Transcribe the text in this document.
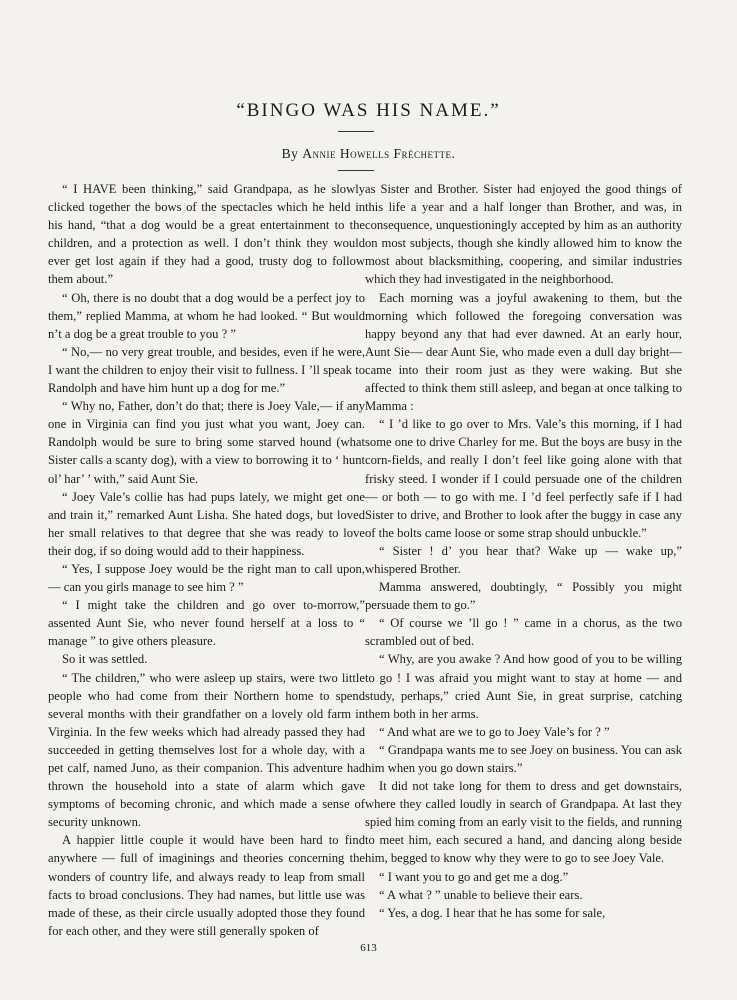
“BINGO WAS HIS NAME.”
By Annie Howells Fréchette.

“ I HAVE been thinking,” said Grandpapa, as he slowly clicked together the bows of the spectacles which he held in his hand, “that a dog would be a great entertainment to the children, and a protection as well. I don’t think they would ever get lost again if they had a good, trusty dog to follow them about.”

“ Oh, there is no doubt that a dog would be a perfect joy to them,” replied Mamma, at whom he had looked. “ But would n’t a dog be a great trouble to you ? ”

“ No,— no very great trouble, and besides, even if he were, I want the children to enjoy their visit to fullness. I ’ll speak to Randolph and have him hunt up a dog for me.”

“ Why no, Father, don’t do that; there is Joey Vale,— if any one in Virginia can find you just what you want, Joey can. Randolph would be sure to bring some starved hound (what Sister calls a scanty dog), with a view to borrowing it to ‘ hunt ol’ har’ ’ with,” said Aunt Sie.

“ Joey Vale’s collie has had pups lately, we might get one and train it,” remarked Aunt Lisha. She hated dogs, but loved her small relatives to that degree that she was ready to love their dog, if so doing would add to their happiness.

“ Yes, I suppose Joey would be the right man to call upon,— can you girls manage to see him ? ”

“ I might take the children and go over to-morrow,” assented Aunt Sie, who never found herself at a loss to “ manage ” to give others pleasure.

So it was settled.

“ The children,” who were asleep up stairs, were two little people who had come from their Northern home to spend several months with their grandfather on a lovely old farm in Virginia. In the few weeks which had already passed they had succeeded in getting themselves lost for a whole day, with a pet calf, named Juno, as their companion. This adventure had thrown the household into a state of alarm which gave symptoms of becoming chronic, and which made a sense of security unknown.

A happier little couple it would have been hard to find anywhere — full of imaginings and theories concerning the wonders of country life, and always ready to leap from small facts to broad conclusions. They had names, but little use was made of these, as their circle usually adopted those they found for each other, and they were still generally spoken of

as Sister and Brother. Sister had enjoyed the good things of this life a year and a half longer than Brother, and was, in consequence, unquestioningly accepted by him as an authority on most subjects, though she kindly allowed him to know the most about blacksmithing, coopering, and similar industries which they had investigated in the neighborhood.

Each morning was a joyful awakening to them, but the morning which followed the foregoing conversation was happy beyond any that had ever dawned. At an early hour, Aunt Sie— dear Aunt Sie, who made even a dull day bright— came into their room just as they were waking. But she affected to think them still asleep, and began at once talking to Mamma :

“ I ’d like to go over to Mrs. Vale’s this morning, if I had some one to drive Charley for me. But the boys are busy in the corn-fields, and really I don’t feel like going alone with that frisky steed. I wonder if I could persuade one of the children— or both — to go with me. I ’d feel perfectly safe if I had Sister to drive, and Brother to look after the buggy in case any of the bolts came loose or some strap should unbuckle.”

“ Sister ! d’ you hear that? Wake up — wake up,” whispered Brother.

Mamma answered, doubtingly, “ Possibly you might persuade them to go.”

“ Of course we ’ll go ! ” came in a chorus, as the two scrambled out of bed.

“ Why, are you awake ? And how good of you to be willing to go ! I was afraid you might want to stay at home — and study, perhaps,” cried Aunt Sie, in great surprise, catching them both in her arms.

“ And what are we to go to Joey Vale’s for ? ”

“ Grandpapa wants me to see Joey on business. You can ask him when you go down stairs.”

It did not take long for them to dress and get downstairs, where they called loudly in search of Grandpapa. At last they spied him coming from an early visit to the fields, and running to meet him, each secured a hand, and dancing along beside him, begged to know why they were to go to see Joey Vale.

“ I want you to go and get me a dog.”

“ A what ? ” unable to believe their ears.

“ Yes, a dog. I hear that he has some for sale,

613
